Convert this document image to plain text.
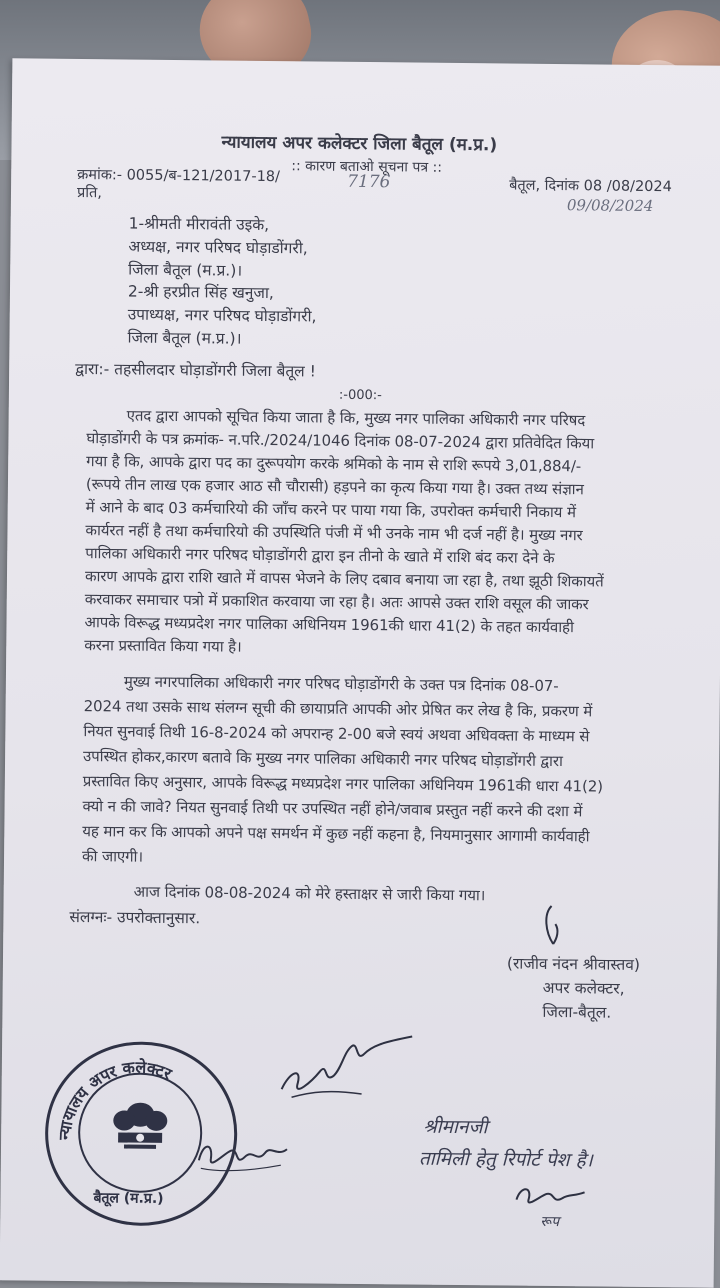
न्यायालय अपर कलेक्टर जिला बैतूल (म.प्र.)
:: कारण बताओ सूचना पत्र ::
क्रमांक:- 0055/ब-121/2017-18/	7176	बैतूल, दिनांक 08 /08/2024
09/08/2024
प्रति,
1-श्रीमती मीरावंती उइके,
अध्यक्ष, नगर परिषद घोड़ाडोंगरी,
जिला बैतूल (म.प्र.)।
2-श्री हरप्रीत सिंह खनुजा,
उपाध्यक्ष, नगर परिषद घोड़ाडोंगरी,
जिला बैतूल (म.प्र.)।
द्वारा:- तहसीलदार घोड़ाडोंगरी जिला बैतूल !
:-000:-
एतद द्वारा आपको सूचित किया जाता है कि, मुख्य नगर पालिका अधिकारी नगर परिषद
घोड़ाडोंगरी के पत्र क्रमांक- न.परि./2024/1046 दिनांक 08-07-2024 द्वारा प्रतिवेदित किया
गया है कि, आपके द्वारा पद का दुरूपयोग करके श्रमिको के नाम से राशि रूपये 3,01,884/-
(रूपये तीन लाख एक हजार आठ सौ चौरासी) हड़पने का कृत्य किया गया है। उक्त तथ्य संज्ञान
में आने के बाद 03 कर्मचारियो की जाँच करने पर पाया गया कि, उपरोक्त कर्मचारी निकाय में
कार्यरत नहीं है तथा कर्मचारियो की उपस्थिति पंजी में भी उनके नाम भी दर्ज नहीं है। मुख्य नगर
पालिका अधिकारी नगर परिषद घोड़ाडोंगरी द्वारा इन तीनो के खाते में राशि बंद करा देने के
कारण आपके द्वारा राशि खाते में वापस भेजने के लिए दबाव बनाया जा रहा है, तथा झूठी शिकायतें
करवाकर समाचार पत्रो में प्रकाशित करवाया जा रहा है। अतः आपसे उक्त राशि वसूल की जाकर
आपके विरूद्ध मध्यप्रदेश नगर पालिका अधिनियम 1961की धारा 41(2) के तहत कार्यवाही
करना प्रस्तावित किया गया है।
मुख्य नगरपालिका अधिकारी नगर परिषद घोड़ाडोंगरी के उक्त पत्र दिनांक 08-07-
2024 तथा उसके साथ संलग्न सूची की छायाप्रति आपकी ओर प्रेषित कर लेख है कि, प्रकरण में
नियत सुनवाई तिथी 16-8-2024 को अपरान्ह 2-00 बजे स्वयं अथवा अधिवक्ता के माध्यम से
उपस्थित होकर,कारण बतावे कि मुख्य नगर पालिका अधिकारी नगर परिषद घोड़ाडोंगरी द्वारा
प्रस्तावित किए अनुसार, आपके विरूद्ध मध्यप्रदेश नगर पालिका अधिनियम 1961की धारा 41(2)
क्यो न की जावे? नियत सुनवाई तिथी पर उपस्थित नहीं होने/जवाब प्रस्तुत नहीं करने की दशा में
यह मान कर कि आपको अपने पक्ष समर्थन में कुछ नहीं कहना है, नियमानुसार आगामी कार्यवाही
की जाएगी।
आज दिनांक 08-08-2024 को मेरे हस्ताक्षर से जारी किया गया।
संलग्नः- उपरोक्तानुसार.
(राजीव नंदन श्रीवास्तव)
अपर कलेक्टर,
जिला-बैतूल.
न्यायालय अपर कलेक्टर
बैतूल (म.प्र.)
श्रीमानजी
तामिली हेतु रिपोर्ट पेश है।
रूप
